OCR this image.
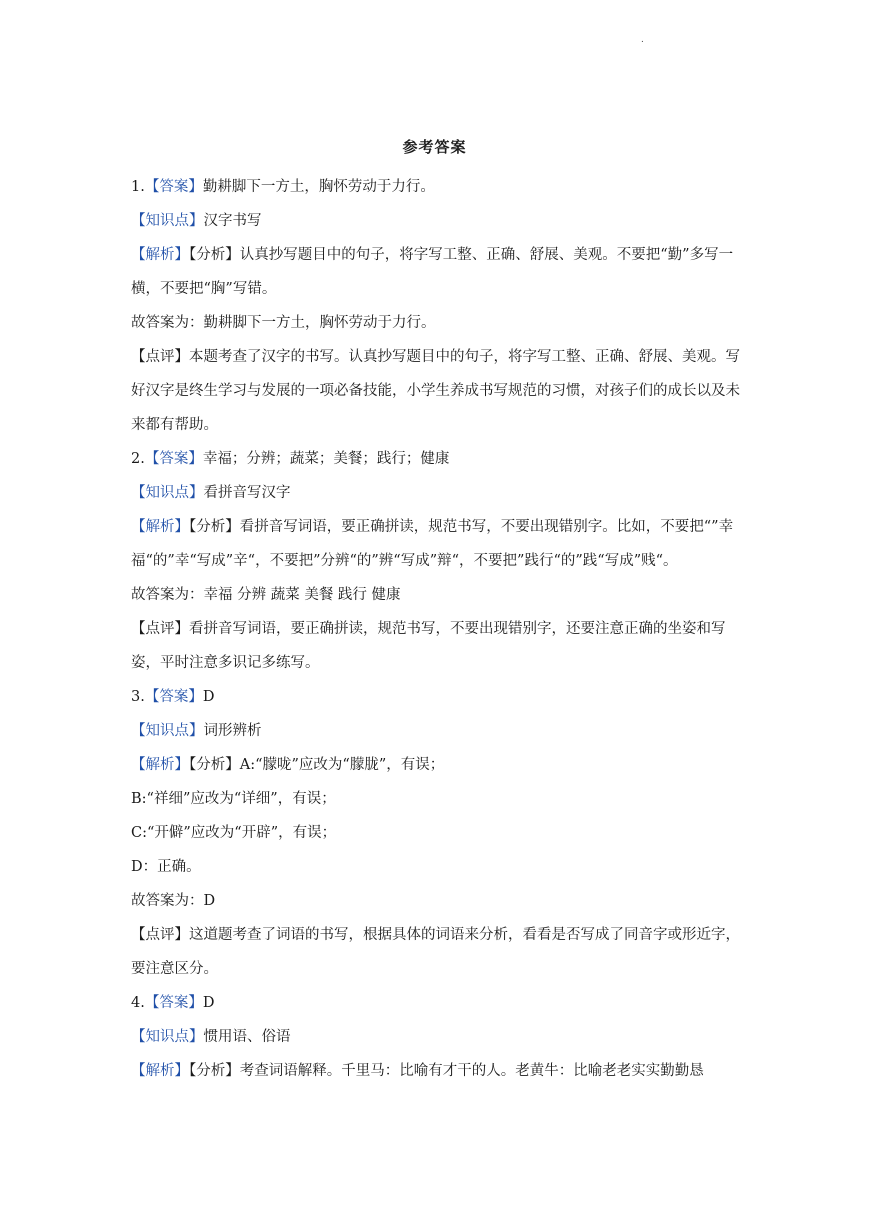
.
参考答案

1.【答案】勤耕脚下一方土，胸怀劳动于力行。

【知识点】汉字书写

【解析】【分析】认真抄写题目中的句子，将字写工整、正确、舒展、美观。不要把“勤”多写一横，不要把“胸”写错。

故答案为：勤耕脚下一方土，胸怀劳动于力行。

【点评】本题考查了汉字的书写。认真抄写题目中的句子，将字写工整、正确、舒展、美观。写好汉字是终生学习与发展的一项必备技能，小学生养成书写规范的习惯，对孩子们的成长以及未来都有帮助。

2.【答案】幸福；分辨；蔬菜；美餐；践行；健康

【知识点】看拼音写汉字

【解析】【分析】看拼音写词语，要正确拼读，规范书写，不要出现错别字。比如，不要把“”幸福“的”幸“写成”辛“，不要把”分辨“的”辨“写成”辩“，不要把”践行“的”践“写成”贱“。

故答案为：幸福 分辨 蔬菜 美餐 践行 健康

【点评】看拼音写词语，要正确拼读，规范书写，不要出现错别字，还要注意正确的坐姿和写姿，平时注意多识记多练写。

3.【答案】D

【知识点】词形辨析

【解析】【分析】A:“朦咙”应改为“朦胧”，有误；

B:“祥细”应改为“详细”，有误；

C:“开僻”应改为“开辟”，有误；

D：正确。

故答案为：D

【点评】这道题考查了词语的书写，根据具体的词语来分析，看看是否写成了同音字或形近字，要注意区分。

4.【答案】D

【知识点】惯用语、俗语

【解析】【分析】考查词语解释。千里马：比喻有才干的人。老黄牛：比喻老老实实勤勤恳
